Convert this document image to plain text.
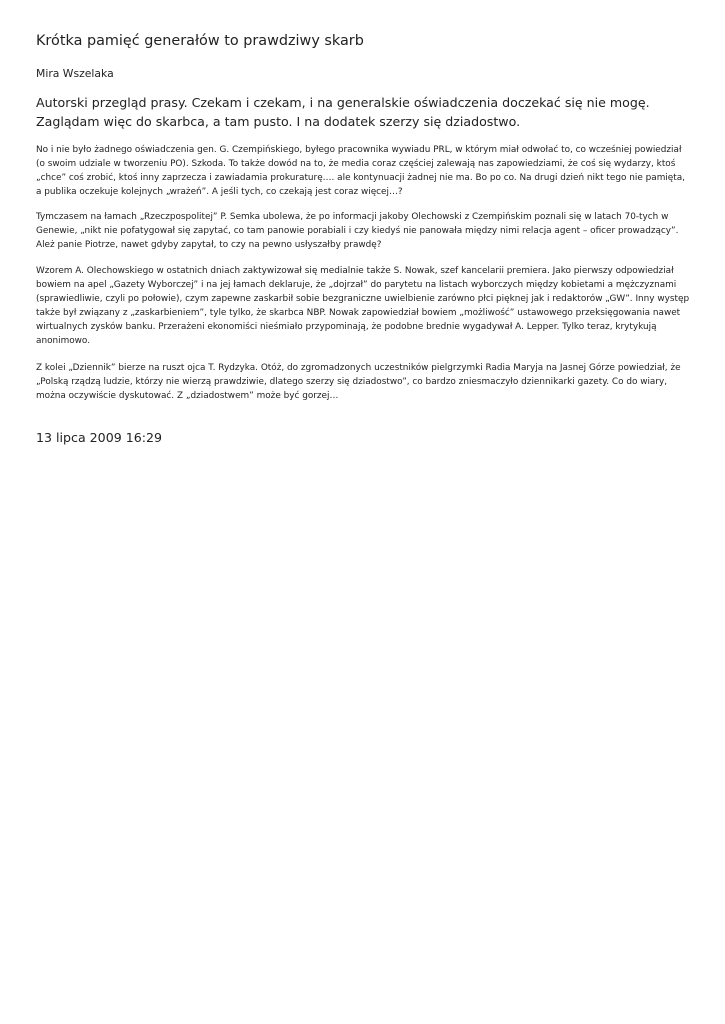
Krótka pamięć generałów to prawdziwy skarb
Mira Wszelaka

Autorski przegląd prasy. Czekam i czekam, i na generalskie oświadczenia doczekać się nie mogę. Zaglądam więc do skarbca, a tam pusto. I na dodatek szerzy się dziadostwo.

No i nie było żadnego oświadczenia gen. G. Czempińskiego, byłego pracownika wywiadu PRL, w którym miał odwołać to, co wcześniej powiedział (o swoim udziale w tworzeniu PO). Szkoda. To także dowód na to, że media coraz częściej zalewają nas zapowiedziami, że coś się wydarzy, ktoś „chce” coś zrobić, ktoś inny zaprzecza i zawiadamia prokuraturę…. ale kontynuacji żadnej nie ma. Bo po co. Na drugi dzień nikt tego nie pamięta, a publika oczekuje kolejnych „wrażeń”. A jeśli tych, co czekają jest coraz więcej…?

Tymczasem na łamach „Rzeczpospolitej” P. Semka ubolewa, że po informacji jakoby Olechowski z Czempińskim poznali się w latach 70-tych w Genewie, „nikt nie pofatygował się zapytać, co tam panowie porabiali i czy kiedyś nie panowała między nimi relacja agent – oficer prowadzący”. Ależ panie Piotrze, nawet gdyby zapytał, to czy na pewno usłyszałby prawdę?

Wzorem A. Olechowskiego w ostatnich dniach zaktywizował się medialnie także S. Nowak, szef kancelarii premiera. Jako pierwszy odpowiedział bowiem na apel „Gazety Wyborczej” i na jej łamach deklaruje, że „dojrzał” do parytetu na listach wyborczych między kobietami a mężczyznami (sprawiedliwie, czyli po połowie), czym zapewne zaskarbił sobie bezgraniczne uwielbienie zarówno płci pięknej jak i redaktorów „GW”. Inny występ także był związany z „zaskarbieniem”, tyle tylko, że skarbca NBP. Nowak zapowiedział bowiem „możliwość” ustawowego przeksięgowania nawet wirtualnych zysków banku. Przerażeni ekonomiści nieśmiało przypominają, że podobne brednie wygadywał A. Lepper. Tylko teraz, krytykują anonimowo.

Z kolei „Dziennik” bierze na ruszt ojca T. Rydzyka. Otóż, do zgromadzonych uczestników pielgrzymki Radia Maryja na Jasnej Górze powiedział, że „Polską rządzą ludzie, którzy nie wierzą prawdziwie, dlatego szerzy się dziadostwo”, co bardzo zniesmaczyło dziennikarki gazety. Co do wiary, można oczywiście dyskutować. Z „dziadostwem” może być gorzej…

13 lipca 2009 16:29
